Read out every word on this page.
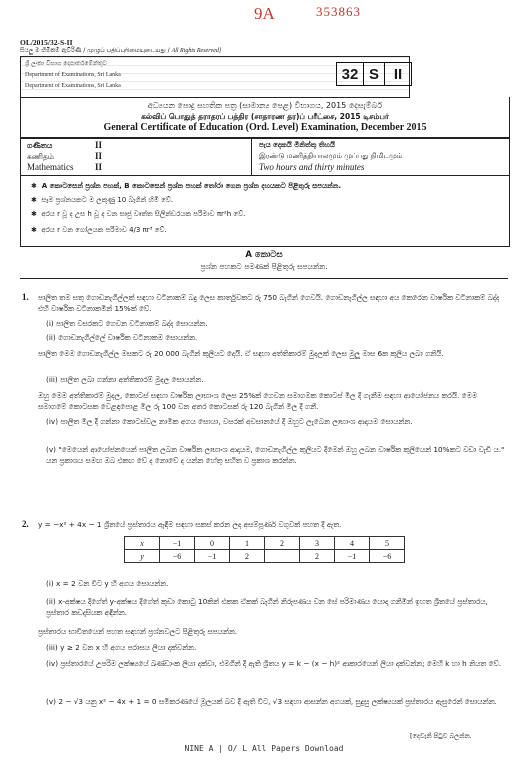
9A	353863
OL/2015/32-S-II
සියලු ම හිමිකම් ඇවිරිණි / முழுப் பதிப்புரிமையுடையது / All Rights Reserved]
ශ්‍රී ලංකා විභාග දෙපාර්තමේන්තුව
Department of Examinations, Sri Lanka
Department of Examinations, Sri Lanka
32 S II
අධ්‍යයන පොදු සහතික පත්‍ර (සාමාන්‍ය පෙළ) විභාගය, 2015 දෙසැම්බර්
கல்விப் பொதுத் தராதரப் பத்திர (சாதாரண தர)ப் பரீட்சை, 2015 டிசம்பர்
General Certificate of Education (Ord. Level) Examination, December 2015
ගණිතය	II
கணிதம்	II
Mathematics II
පැය දෙකයි මිනිත්තු තිහයි
இரண்டு மணித்தியாலமும் முப்பது நிமிடமும்
Two hours and thirty minutes
✱  A කොටසෙන් ප්‍රශ්න පහක්, B කොටසෙන් ප්‍රශ්න පහක් තෝරා ගෙන ප්‍රශ්න දහයකට පිළිතුරු සපයන්න.
✱  සෑම ප්‍රශ්නයකට ම ලකුණු 10 බැගින් හිමි වේ.
✱  අරය r වූ ද උස h වූ ද වන සෘජු වෘත්ත සිලින්ඩරයක පරිමාව πr²h වේ.
✱  අරය r වන ගෝලයක පරිමාව 4/3 πr³ වේ.
A කොටස
ප්‍රශ්න පහකට පමණක් පිළිතුරු සපයන්න.
1. පාලිත තම සතු ගොඩනැගිල්ලක් සඳහා වටිනාකම් බදු ලෙස කාර්තුවකට රු 750 බැගින් ගෙවයි. ගොඩනැගිල්ල සඳහා අය කෙරෙන වාර්ෂික වටිනාකම් බද්ද එහි වාර්ෂික වටිනාකමින් 15%ක් වේ.
(i) පාලිත වසරකට ගෙවන වටිනාකම් බද්ද සොයන්න.
(ii) ගොඩනැගිල්ලේ වාර්ෂික වටිනාකම සොයන්න.
පාලිත මෙම ගොඩනැගිල්ල මසකට රු 20 000 බැගින් කුලියට දෙයි. ඒ සඳහා අත්තිකාරම් මුදලක් ලෙස මුලු මාස 6ක කුලිය ලබා ගනියි.
(iii) පාලිත ලබා ගන්නා අත්තිකාරම් මුදල සොයන්න.
ඔහු මෙම අත්තිකාරම් මුදල, කොටස් සඳහා වාර්ෂික ලාභාංශ ලෙස 25%ක් ගෙවන සමාගමක කොටස් මිල දී ගැනීම සඳහා ආයෝජනය කරයි. මෙම සමාගමේ කොටසක වෙළඳපොළ මිල රු 100 වන අතර කොටසක් රු 120 බැගින් මිල දී ගනී.
(iv) පාලිත මිල දී ගන්නා කොටස්වල නාමික අගය සොයා, වසරක් අවසානයේ දී ඔහුට ලැබෙන ලාභාංශ ආදායම සොයන්න.
(v) "මෙයෙන් ආයෝජනයෙන් පාලිත ලබන වාර්ෂික ලාභාංශ ආදායම, ගොඩනැගිල්ල කුලියට දීමෙන් ඔහු ලබන වාර්ෂික කුලියෙන් 10%කට වඩා වැඩි ය." යන ප්‍රකාශය සමඟ ඔබ එකඟ වේ ද නොවේ ද යන්න හේතු සහිත ව ප්‍රකාශ කරන්න.
2. y = −x² + 4x − 1 ශ්‍රිතයේ ප්‍රස්තාරය ඇඳීම සඳහා සකස් කරන ලද අසම්පූර්ණ වගුවක් පහත දී ඇත.
x	−1	0	1	2	3	4	5
y	−6	−1	2		2	−1	−6
(i) x = 2 වන විට y හි අගය සොයන්න.
(ii) x-අක්ෂය දිගේත් y-අක්ෂය දිගේත් කුඩා කොටු 10කින් එකක ඒකක් බැගින් නිරූපණය වන සේ පරිමාණය යොදා ගනිමින් ඉහත ශ්‍රිතයේ ප්‍රස්තාරය, ප්‍රස්තාර කඩදාසියක අඳින්න.
ප්‍රස්තාරය භාවිතයෙන් පහත සඳහන් ප්‍රශ්නවලට පිළිතුරු සපයන්න.
(iii) y ≥ 2 වන x හි අගය පරාසය ලියා දක්වන්න.
(iv) ප්‍රස්තාරයේ උපරිම ලක්ෂ්‍යයේ ඛණ්ඩාංක ලියා දක්වා, එමගින් දී ඇති ශ්‍රිතය y = k − (x − h)² ආකාරයෙන් ලියා දක්වන්න; මෙහි k හා h නියත වේ.
(v) 2 − √3 යනු x² − 4x + 1 = 0 සමීකරණයේ මූලයක් බව දී ඇති විට, √3 සඳහා ආසන්න අගයක්, සුදුසු ලක්ෂ්‍යයක් ප්‍රස්තාරය ඇසුරෙන් සොයන්න.
[දෙවැනි පිටුව බලන්න.
NINE A | O/ L All Papers Download
